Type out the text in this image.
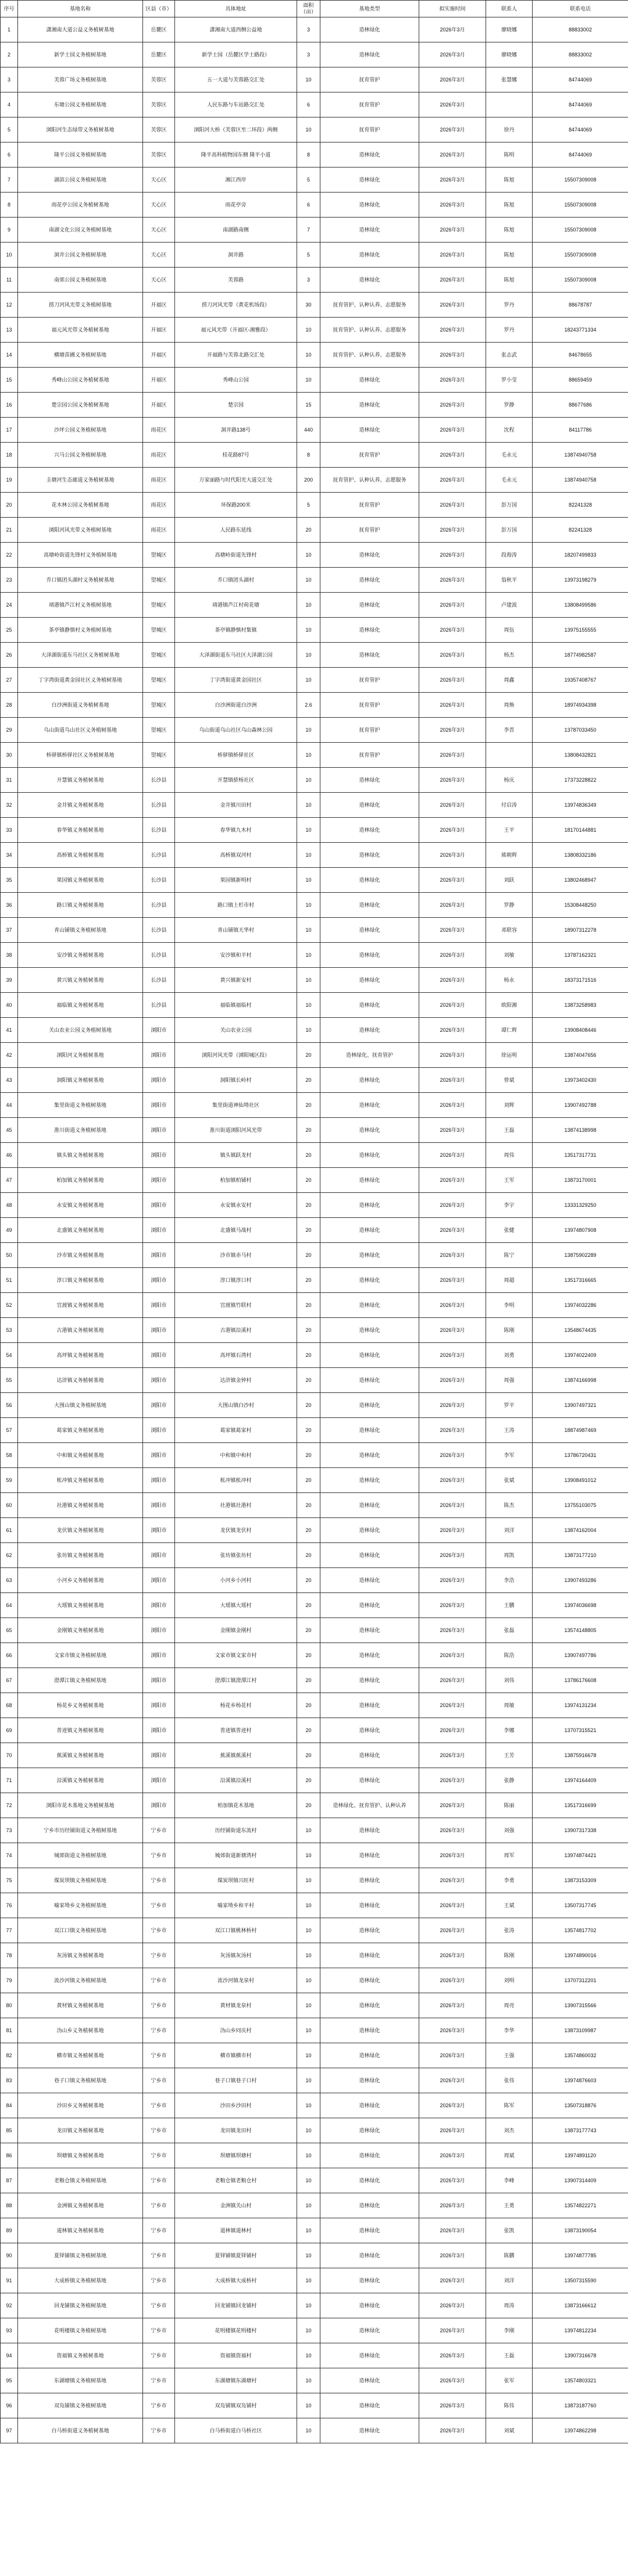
序号	基地名称	区县（市）	具体地址	面积（亩）	基地类型	拟实施时间	联系人	联系电话
1	潇湘南大道公益义务植树基地	岳麓区	潇湘南大道西侧公益地	3	造林绿化	2026年3月	廖晓娜	88833002
2	新学士园义务植树基地	岳麓区	新学士园（岳麓区学士路段）	3	造林绿化	2026年3月	廖晓娜	88833002
3	芙蓉广场义务植树基地	芙蓉区	五一大道与芙蓉路交汇处	10	抚育管护	2026年3月	张慧娜	84744069
4	东塘公园义务植树基地	芙蓉区	人民东路与车站路交汇处	6	抚育管护	2026年3月		84744069
5	浏阳河生态绿带义务植树基地	芙蓉区	浏阳河大桥（芙蓉区至二环段）两侧	10	抚育管护	2026年3月	徐丹	84744069
6	隆平公园义务植树基地	芙蓉区	隆平高科植物园东侧 隆平小道	8	造林绿化	2026年3月	陈明	84744069
7	湖滨公园义务植树基地	天心区	湘江西岸	5	造林绿化	2026年3月	陈旭	15507309008
8	雨花亭公园义务植树基地	天心区	雨花亭旁	6	造林绿化	2026年3月	陈旭	15507309008
9	南湖文化公园义务植树基地	天心区	南湖路南侧	7	造林绿化	2026年3月	陈旭	15507309008
10	洞井公园义务植树基地	天心区	洞井路	5	造林绿化	2026年3月	陈旭	15507309008
11	南郊公园义务植树基地	天心区	芙蓉路	3	造林绿化	2026年3月	陈旭	15507309008
12	捞刀河风光带义务植树基地	开福区	捞刀河风光带（黄花机场段）	30	抚育管护、认种认养、志愿服务	2026年3月	罗丹	88678787
13	福元风光带义务植树基地	开福区	福元风光带（开福区-湘雅段）	10	抚育管护、认种认养、志愿服务	2026年3月	罗丹	18243771334
14	横塘苗圃义务植树基地	开福区	开福路与芙蓉北路交汇处	10	抚育管护、认种认养、志愿服务	2026年3月	张志武	84678655
15	秀峰山公园义务植树基地	开福区	秀峰山公园	10	造林绿化	2026年3月	罗小莹	88659459
16	楚宗园公园义务植树基地	开福区	楚宗园	15	造林绿化	2026年3月	罗静	88677686
17	沙坪公园义务植树基地	雨花区	洞井路138号	440	造林绿化	2026年3月	沈程	84117786
18	兴马公园义务植树基地	雨花区	桂花路87号	8	抚育管护	2026年3月	毛永元	13874940758
19	圭塘河生态廊道义务植树基地	雨花区	万家丽路与时代阳光大道交汇处	200	抚育管护、认种认养、志愿服务	2026年3月	毛永元	13874940758
20	花木林公园义务植树基地	雨花区	环保路200米	5	抚育管护	2026年3月	彭万国	82241328
21	浏阳河风光带义务植树基地	雨花区	人民路东延线	20	抚育管护	2026年3月	彭万国	82241328
22	高塘岭街道先锋村义务植树基地	望城区	高塘岭街道先锋村	10	造林绿化	2026年3月	段海涛	18207499833
23	乔口镇团头湖村义务植树基地	望城区	乔口镇团头湖村	10	造林绿化	2026年3月	翁秋平	13973198279
24	靖港镇芦江村义务植树基地	望城区	靖港镇芦江村荷花塘	10	造林绿化	2026年3月	卢建波	13808499586
25	茶亭镇静慎村义务植树基地	望城区	茶亭镇静慎村集镇	10	造林绿化	2026年3月	周伍	13975155555
26	大泽湖街道东马社区义务植树基地	望城区	大泽湖街道东马社区大泽湖公园	10	造林绿化	2026年3月	杨杰	18774982587
27	丁字湾街道黄金园社区义务植树基地	望城区	丁字湾街道黄金园社区	10	抚育管护	2026年3月	周鑫	19357408767
28	白沙洲街道义务植树基地	望城区	白沙洲街道白沙洲	2.6	抚育管护	2026年3月	周焕	18974934398
29	乌山街道乌山社区义务植树基地	望城区	乌山街道乌山社区乌山森林公园	10	抚育管护	2026年3月	李晋	13787033450
30	桥驿镇桥驿社区义务植树基地	望城区	桥驿镇桥驿社区	10	抚育管护	2026年3月		13808432821
31	开慧镇义务植树基地	长沙县	开慧镇骄杨社区	10	造林绿化	2026年3月	杨庆	17373228822
32	金井镇义务植树基地	长沙县	金井镇川田村	10	造林绿化	2026年3月	付启涛	13974836349
33	春华镇义务植树基地	长沙县	春华镇九木村	10	造林绿化	2026年3月	王平	18170144881
34	高桥镇义务植树基地	长沙县	高桥镇双河村	10	造林绿化	2026年3月	熊朝辉	13808332186
35	果园镇义务植树基地	长沙县	果园镇新明村	10	造林绿化	2026年3月	刘跃	13802468947
36	路口镇义务植树基地	长沙县	路口镇上杉市村	10	造林绿化	2026年3月	罗静	15308448250
37	青山铺镇义务植树基地	长沙县	青山铺镇天华村	10	造林绿化	2026年3月	邓联容	18907312278
38	安沙镇义务植树基地	长沙县	安沙镇和平村	10	造林绿化	2026年3月	刘敏	13787162321
39	黄兴镇义务植树基地	长沙县	黄兴镇新安村	10	造林绿化	2026年3月	杨永	18373171516
40	福临镇义务植树基地	长沙县	福临镇福临村	10	造林绿化	2026年3月	欧阳湘	13873258983
41	关山农业公园义务植树基地	浏阳市	关山农业公园	10	造林绿化	2026年3月	谭仁辉	13908408446
42	浏阳河义务植树基地	浏阳市	浏阳河风光带（浏阳城区段）	20	造林绿化、抚育管护	2026年3月	徐运明	13874047656
43	洞阳镇义务植树基地	浏阳市	洞阳镇长岭村	20	造林绿化	2026年3月	曾斌	13973402430
44	集里街道义务植树基地	浏阳市	集里街道神仙坳社区	20	造林绿化	2026年3月	刘辉	13907492788
45	淮川街道义务植树基地	浏阳市	淮川街道浏阳河风光带	20	造林绿化	2026年3月	王磊	13874138998
46	镇头镇义务植树基地	浏阳市	镇头镇跃龙村	20	造林绿化	2026年3月	周伟	13517317731
47	柏加镇义务植树基地	浏阳市	柏加镇柏铺村	20	造林绿化	2026年3月	王军	13873170001
48	永安镇义务植树基地	浏阳市	永安镇永安村	20	造林绿化	2026年3月	李宇	13331329250
49	北盛镇义务植树基地	浏阳市	北盛镇马战村	20	造林绿化	2026年3月	张健	13974807908
50	沙市镇义务植树基地	浏阳市	沙市镇赤马村	20	造林绿化	2026年3月	陈宁	13875902289
51	淳口镇义务植树基地	浏阳市	淳口镇淳口村	20	造林绿化	2026年3月	周超	13517316665
52	官渡镇义务植树基地	浏阳市	官渡镇竹联村	20	造林绿化	2026年3月	李明	13974032286
53	古港镇义务植树基地	浏阳市	古港镇沿溪村	20	造林绿化	2026年3月	陈刚	13548674435
54	高坪镇义务植树基地	浏阳市	高坪镇石湾村	20	造林绿化	2026年3月	刘勇	13974022409
55	达浒镇义务植树基地	浏阳市	达浒镇金钟村	20	造林绿化	2026年3月	周强	13874166998
56	大围山镇义务植树基地	浏阳市	大围山镇白沙村	20	造林绿化	2026年3月	罗平	13907497321
57	葛家镇义务植树基地	浏阳市	葛家镇葛家村	20	造林绿化	2026年3月	王涛	18874987469
58	中和镇义务植树基地	浏阳市	中和镇中和村	20	造林绿化	2026年3月	李军	13786720431
59	枨冲镇义务植树基地	浏阳市	枨冲镇枨冲村	20	造林绿化	2026年3月	张斌	13908491012
60	社港镇义务植树基地	浏阳市	社港镇社港村	20	造林绿化	2026年3月	陈杰	13755103075
61	龙伏镇义务植树基地	浏阳市	龙伏镇龙伏村	20	造林绿化	2026年3月	刘洋	13874162004
62	张坊镇义务植树基地	浏阳市	张坊镇张坊村	20	造林绿化	2026年3月	周凯	13873177210
63	小河乡义务植树基地	浏阳市	小河乡小河村	20	造林绿化	2026年3月	李浩	13907493286
64	大瑶镇义务植树基地	浏阳市	大瑶镇大瑶村	20	造林绿化	2026年3月	王鹏	13974036698
65	金刚镇义务植树基地	浏阳市	金刚镇金刚村	20	造林绿化	2026年3月	张磊	13574148805
66	文家市镇义务植树基地	浏阳市	文家市镇文家市村	20	造林绿化	2026年3月	陈浩	13907497786
67	澄潭江镇义务植树基地	浏阳市	澄潭江镇澄潭江村	20	造林绿化	2026年3月	刘伟	13786176608
68	杨花乡义务植树基地	浏阳市	杨花乡杨花村	20	造林绿化	2026年3月	周敏	13974131234
69	普迹镇义务植树基地	浏阳市	普迹镇普迹村	20	造林绿化	2026年3月	李娜	13707315521
70	蕉溪镇义务植树基地	浏阳市	蕉溪镇蕉溪村	20	造林绿化	2026年3月	王芳	13875916678
71	沿溪镇义务植树基地	浏阳市	沿溪镇沿溪村	20	造林绿化	2026年3月	张静	13974164409
72	浏阳市花木基地义务植树基地	浏阳市	柏加镇花木基地	20	造林绿化、抚育管护、认种认养	2026年3月	陈丽	13517316699
73	宁乡市历经铺街道义务植树基地	宁乡市	历经铺街道东流村	10	造林绿化	2026年3月	刘强	13907317338
74	城郊街道义务植树基地	宁乡市	城郊街道新塘湾村	10	造林绿化	2026年3月	周军	13974874421
75	煤炭坝镇义务植树基地	宁乡市	煤炭坝镇兴旺村	10	造林绿化	2026年3月	李勇	13873153309
76	喻家坳乡义务植树基地	宁乡市	喻家坳乡和平村	10	造林绿化	2026年3月	王斌	13507317745
77	双江口镇义务植树基地	宁乡市	双江口镇桃林桥村	10	造林绿化	2026年3月	张涛	13574817702
78	灰汤镇义务植树基地	宁乡市	灰汤镇灰汤村	10	造林绿化	2026年3月	陈刚	13974890016
79	流沙河镇义务植树基地	宁乡市	流沙河镇龙泉村	10	造林绿化	2026年3月	刘明	13707312201
80	黄材镇义务植树基地	宁乡市	黄材镇龙泉村	10	造林绿化	2026年3月	周亮	13907315566
81	沩山乡义务植树基地	宁乡市	沩山乡同庆村	10	造林绿化	2026年3月	李华	13873109987
82	横市镇义务植树基地	宁乡市	横市镇横市村	10	造林绿化	2026年3月	王强	13574860032
83	巷子口镇义务植树基地	宁乡市	巷子口镇巷子口村	10	造林绿化	2026年3月	张伟	13974876603
84	沙田乡义务植树基地	宁乡市	沙田乡沙田村	10	造林绿化	2026年3月	陈军	13507318876
85	龙田镇义务植树基地	宁乡市	龙田镇龙田村	10	造林绿化	2026年3月	刘杰	13873177743
86	坝塘镇义务植树基地	宁乡市	坝塘镇坝塘村	10	造林绿化	2026年3月	周斌	13974891120
87	老粮仓镇义务植树基地	宁乡市	老粮仓镇老粮仓村	10	造林绿化	2026年3月	李峰	13907314409
88	金洲镇义务植树基地	宁乡市	金洲镇关山村	10	造林绿化	2026年3月	王勇	13574822271
89	道林镇义务植树基地	宁乡市	道林镇道林村	10	造林绿化	2026年3月	张凯	13873190054
90	夏铎铺镇义务植树基地	宁乡市	夏铎铺镇夏铎铺村	10	造林绿化	2026年3月	陈鹏	13974877785
91	大成桥镇义务植树基地	宁乡市	大成桥镇大成桥村	10	造林绿化	2026年3月	刘洋	13507315590
92	回龙铺镇义务植树基地	宁乡市	回龙铺镇回龙铺村	10	造林绿化	2026年3月	周涛	13873166612
93	花明楼镇义务植树基地	宁乡市	花明楼镇花明楼村	10	造林绿化	2026年3月	李刚	13974812234
94	资福镇义务植树基地	宁乡市	资福镇资福村	10	造林绿化	2026年3月	王磊	13907316678
95	东湖塘镇义务植树基地	宁乡市	东湖塘镇东湖塘村	10	造林绿化	2026年3月	张军	13574803321
96	双凫铺镇义务植树基地	宁乡市	双凫铺镇双凫铺村	10	造林绿化	2026年3月	陈伟	13873187760
97	白马桥街道义务植树基地	宁乡市	白马桥街道白马桥社区	10	造林绿化	2026年3月	刘斌	13974862298
